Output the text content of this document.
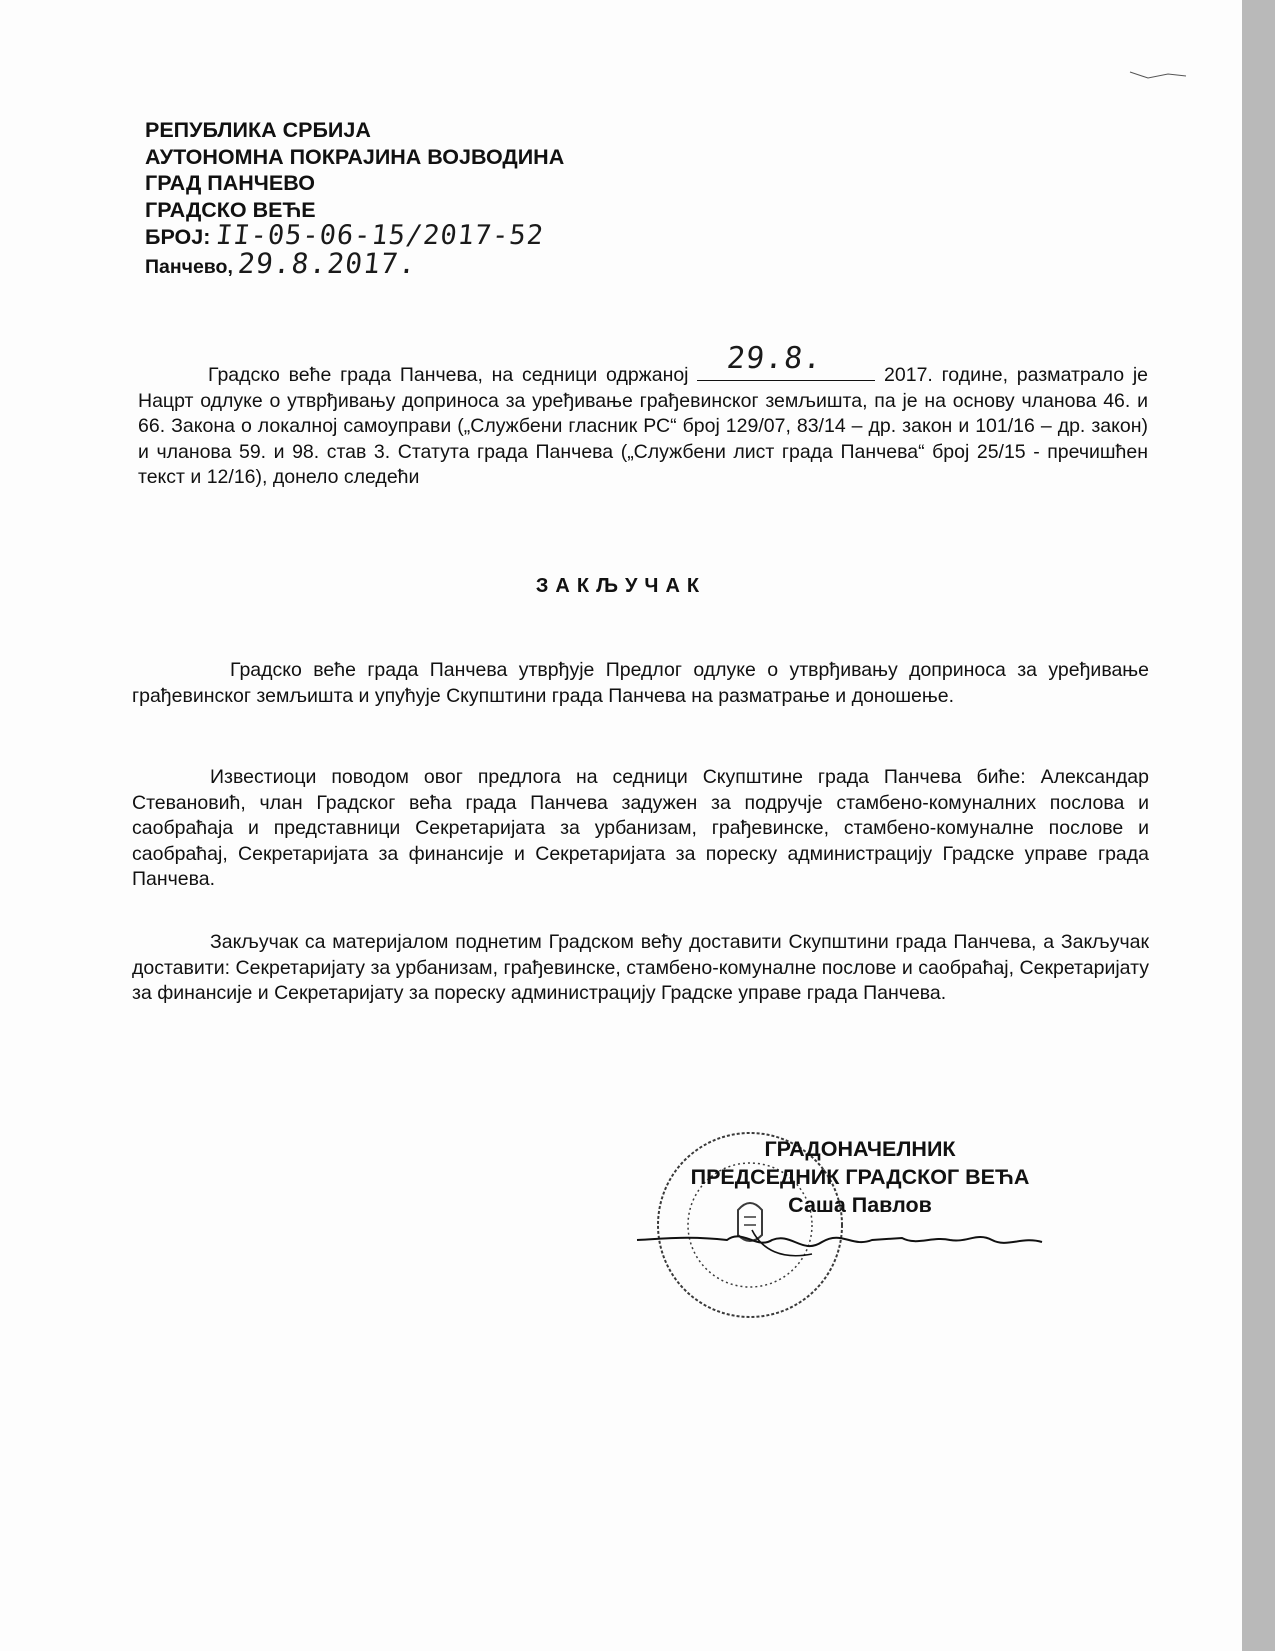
РЕПУБЛИКА СРБИЈА
АУТОНОМНА ПОКРАЈИНА ВОЈВОДИНА
ГРАД ПАНЧЕВО
ГРАДСКО ВЕЋЕ
БРОЈ: II-05-06-15/2017-52
Панчево, 29.8.2017.
Градско веће града Панчева, на седници одржаној 29.8.	2017. године, разматрало је Нацрт одлуке о утврђивању доприноса за уређивање грађевинског земљишта, па је на основу чланова 46. и 66. Закона о локалној самоуправи („Службени гласник РС“ број 129/07, 83/14 – др. закон и 101/16 – др. закон) и чланова 59. и 98. став 3. Статута града Панчева („Службени лист града Панчева“ број 25/15 - пречишћен текст и 12/16), донело следећи
ЗАКЉУЧАК
Градско веће града Панчева утврђује Предлог одлуке о утврђивању доприноса за уређивање грађевинског земљишта и упућује Скупштини града Панчева на разматрање и доношење.
Известиоци поводом овог предлога на седници Скупштине града Панчева биће: Александар Стевановић, члан Градског већа града Панчева задужен за подручје стамбено-комуналних послова и саобраћаја и представници Секретаријата за урбанизам, грађевинске, стамбено-комуналне послове и саобраћај, Секретаријата за финансије и Секретаријата за пореску администрацију Градске управе града Панчева.
Закључак са материјалом поднетим Градском већу доставити Скупштини града Панчева, а Закључак доставити: Секретаријату за урбанизам, грађевинске, стамбено-комуналне послове и саобраћај, Секретаријату за финансије и Секретаријату за пореску администрацију Градске управе града Панчева.
ГРАДОНАЧЕЛНИК
ПРЕДСЕДНИК ГРАДСКОГ ВЕЋА
Саша Павлов
